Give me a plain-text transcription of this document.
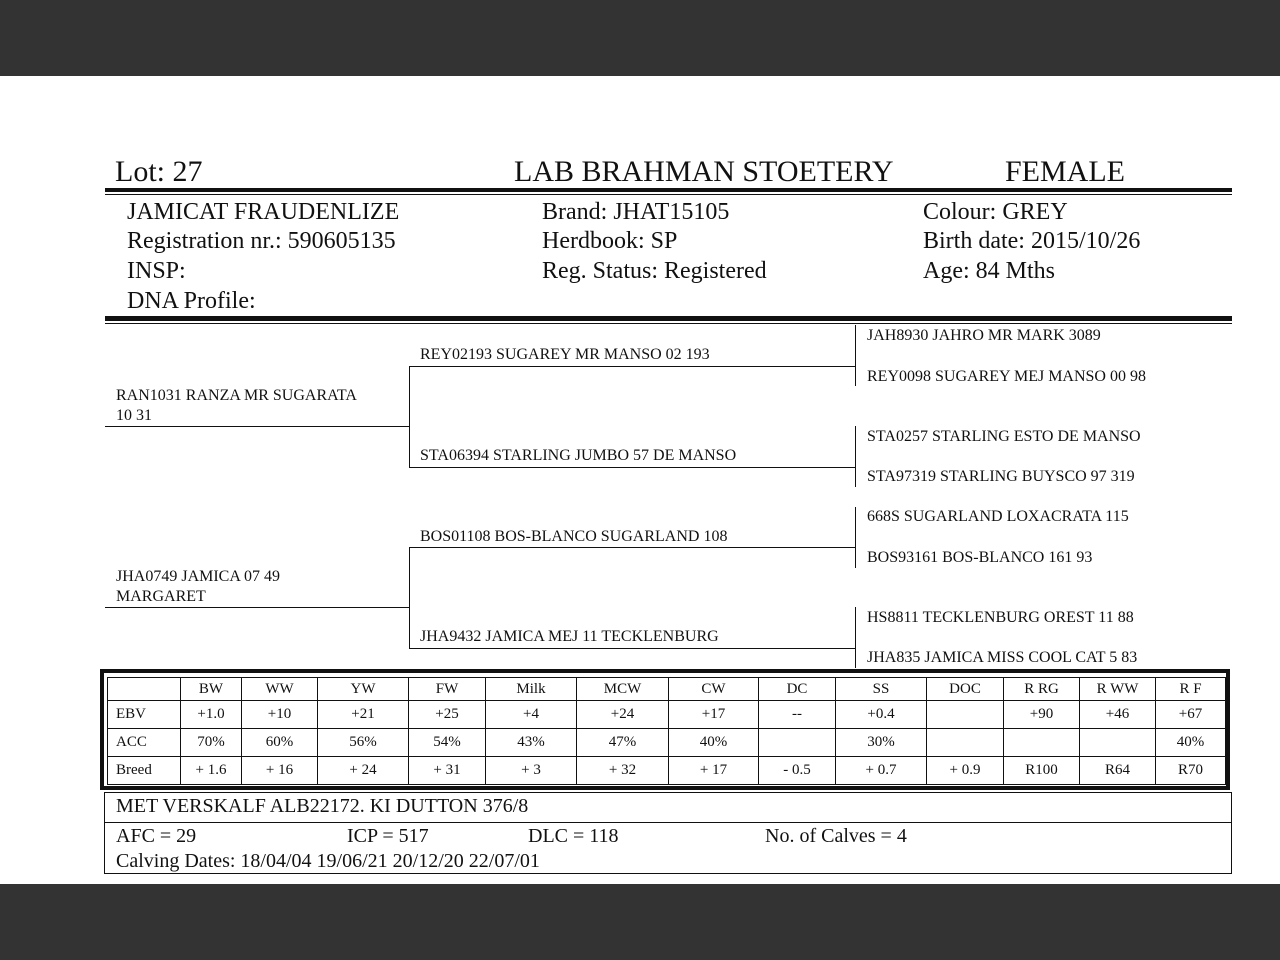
Lot: 27	LAB BRAHMAN STOETERY	FEMALE
JAMICAT FRAUDENLIZE
Registration nr.: 590605135
INSP:
DNA Profile:
Brand: JHAT15105
Herdbook: SP
Reg. Status: Registered
Colour: GREY
Birth date: 2015/10/26
Age: 84 Mths
RAN1031 RANZA MR SUGARATA
10 31
JHA0749 JAMICA 07 49
MARGARET
REY02193 SUGAREY MR MANSO 02 193
STA06394 STARLING JUMBO 57 DE MANSO
BOS01108 BOS-BLANCO SUGARLAND 108
JHA9432 JAMICA MEJ 11 TECKLENBURG
JAH8930 JAHRO MR MARK 3089
REY0098 SUGAREY MEJ MANSO 00 98
STA0257 STARLING ESTO DE MANSO
STA97319 STARLING BUYSCO 97 319
668S SUGARLAND LOXACRATA 115
BOS93161 BOS-BLANCO 161 93
HS8811 TECKLENBURG OREST 11 88
JHA835 JAMICA MISS COOL CAT 5 83
	BW	WW	YW	FW	Milk	MCW	CW	DC	SS	DOC	R RG	R WW	R F
EBV	+1.0	+10	+21	+25	+4	+24	+17	--	+0.4		+90	+46	+67
ACC	70%	60%	56%	54%	43%	47%	40%		30%				40%
Breed	+ 1.6	+ 16	+ 24	+ 31	+ 3	+ 32	+ 17	- 0.5	+ 0.7	+ 0.9	R100	R64	R70
MET VERSKALF ALB22172. KI DUTTON 376/8
AFC = 29	ICP = 517	DLC = 118	No. of Calves = 4
Calving Dates: 18/04/04 19/06/21 20/12/20 22/07/01
